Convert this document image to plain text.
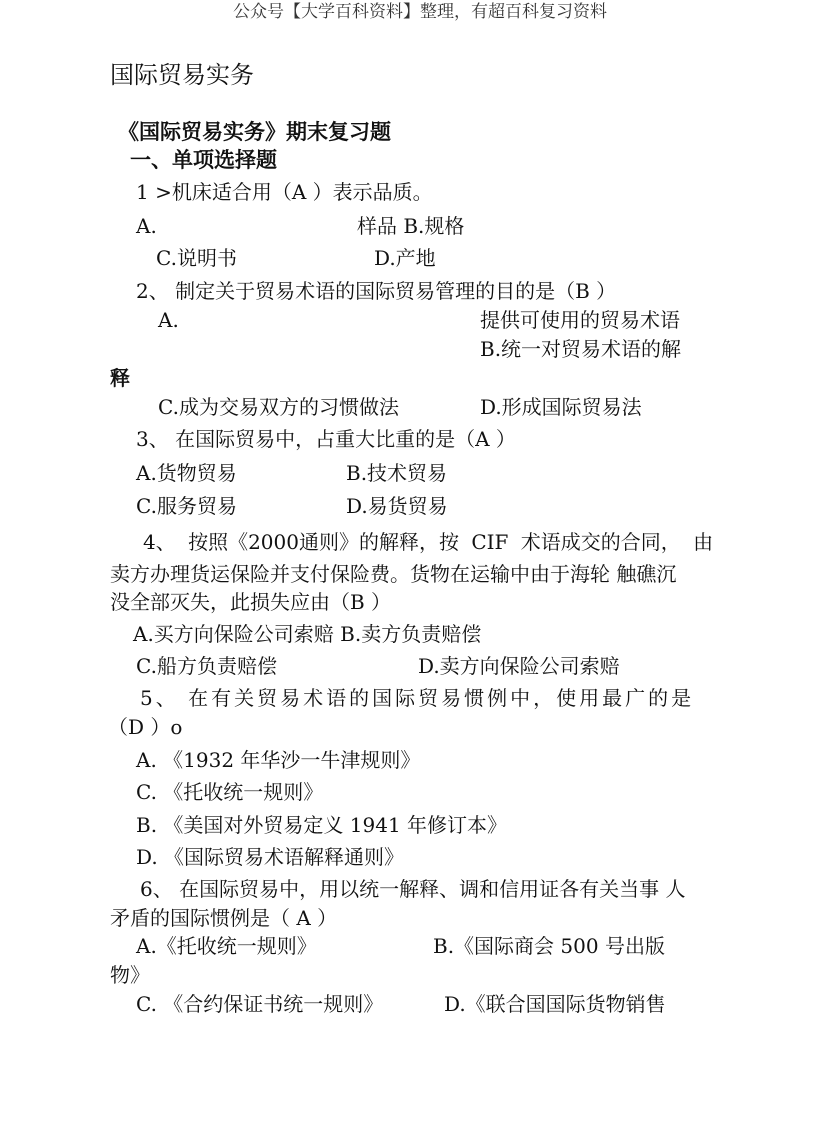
公众号【大学百科资料】整理，有超百科复习资料
国际贸易实务
《国际贸易实务》期末复习题
一、单项选择题
1 >机床适合用（A ）表示品质。
A.	样品 B.规格
C.说明书	D.产地
2、 制定关于贸易术语的国际贸易管理的目的是（B ）
A.	提供可使用的贸易术语
B.统一对贸易术语的解
释
C.成为交易双方的习惯做法	D.形成国际贸易法
3、 在国际贸易中，占重大比重的是（A ）
A.货物贸易	B.技术贸易
C.服务贸易	D.易货贸易
4、 按照《2000通则》的解释，按 CIF 术语成交的合同， 由
卖方办理货运保险并支付保险费。货物在运输中由于海轮 触礁沉
没全部灭失，此损失应由（B ）
A.买方向保险公司索赔 B.卖方负责赔偿
C.船方负责赔偿	D.卖方向保险公司索赔
5、 在有关贸易术语的国际贸易惯例中，使用最广的是
（D ）o
A. 《1932 年华沙一牛津规则》
C. 《托收统一规则》
B. 《美国对外贸易定义 1941 年修订本》
D. 《国际贸易术语解释通则》
6、 在国际贸易中，用以统一解释、调和信用证各有关当事 人
矛盾的国际惯例是（ A ）
A.《托收统一规则》	B.《国际商会 500 号出版
物》
C. 《合约保证书统一规则》	D.《联合国国际货物销售
